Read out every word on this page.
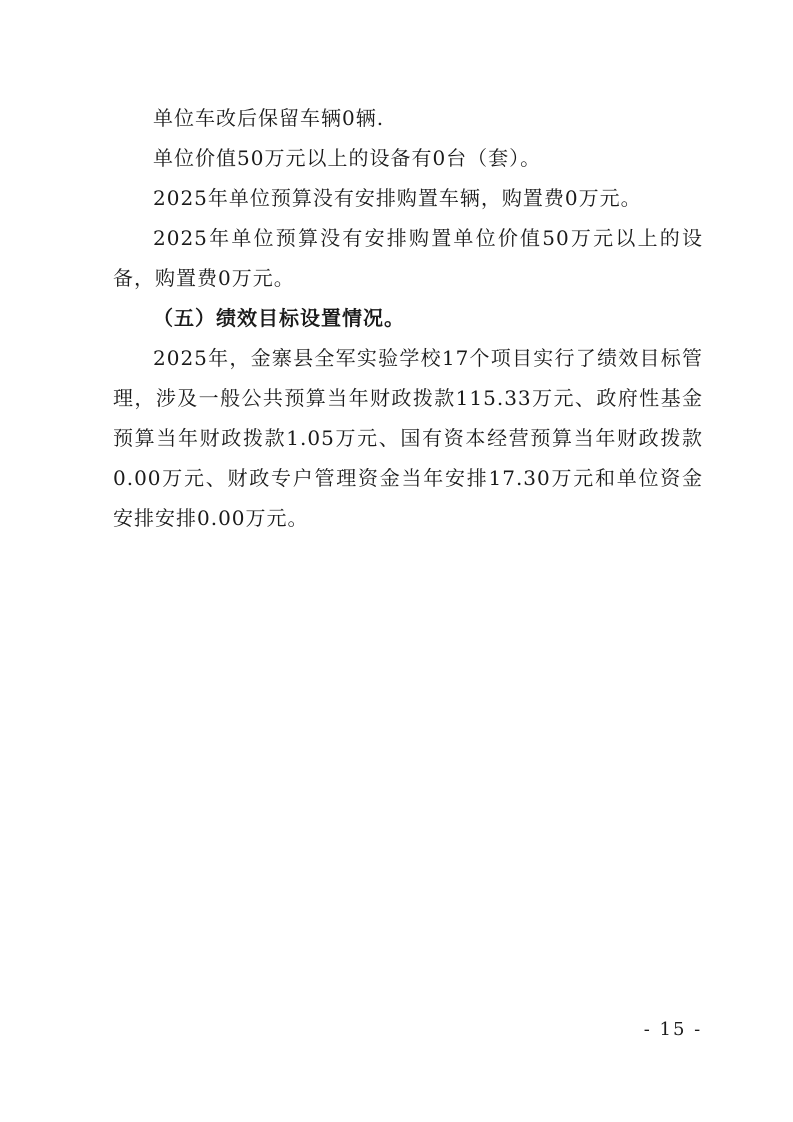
单位车改后保留车辆0辆.

单位价值50万元以上的设备有0台（套）。

2025年单位预算没有安排购置车辆，购置费0万元。

2025年单位预算没有安排购置单位价值50万元以上的设备，购置费0万元。

（五）绩效目标设置情况。

2025年，金寨县全军实验学校17个项目实行了绩效目标管理，涉及一般公共预算当年财政拨款115.33万元、政府性基金预算当年财政拨款1.05万元、国有资本经营预算当年财政拨款0.00万元、财政专户管理资金当年安排17.30万元和单位资金安排安排0.00万元。

- 15 -
